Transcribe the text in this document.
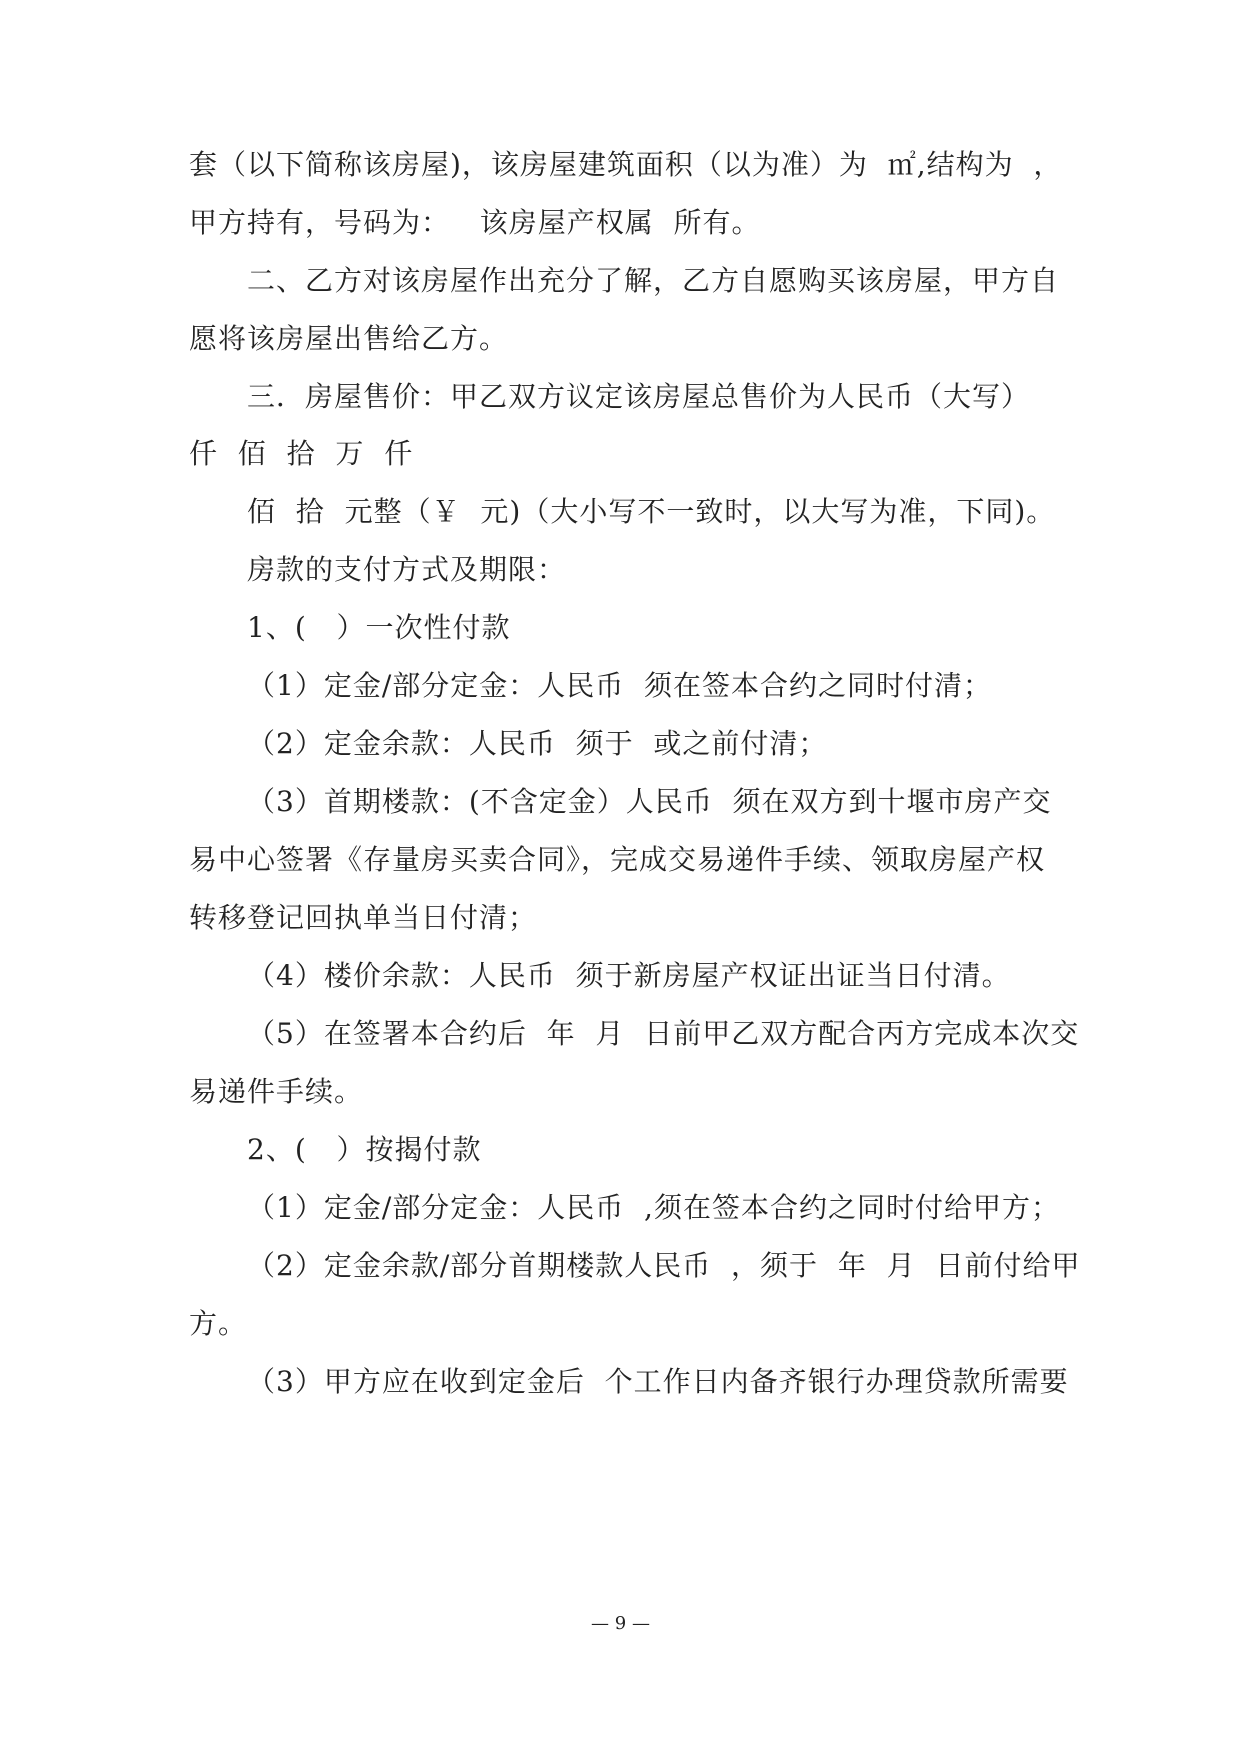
套（以下简称该房屋)，该房屋建筑面积（以为准）为  ㎡,结构为  ，
甲方持有，号码为：   该房屋产权属  所有。
二、乙方对该房屋作出充分了解，乙方自愿购买该房屋，甲方自
愿将该房屋出售给乙方。
三．房屋售价：甲乙双方议定该房屋总售价为人民币（大写）
仟  佰  拾  万  仟
佰  拾  元整（￥  元)（大小写不一致时，以大写为准，下同)。
房款的支付方式及期限：
1、(   ）一次性付款
（1）定金/部分定金：人民币  须在签本合约之同时付清；
（2）定金余款：人民币  须于  或之前付清；
（3）首期楼款：(不含定金）人民币  须在双方到十堰市房产交
易中心签署《存量房买卖合同》，完成交易递件手续、领取房屋产权
转移登记回执单当日付清；
（4）楼价余款：人民币  须于新房屋产权证出证当日付清。
（5）在签署本合约后  年  月  日前甲乙双方配合丙方完成本次交
易递件手续。
2、(   ）按揭付款
（1）定金/部分定金：人民币  ,须在签本合约之同时付给甲方；
（2）定金余款/部分首期楼款人民币  ，须于  年  月  日前付给甲
方。
（3）甲方应在收到定金后  个工作日内备齐银行办理贷款所需要
— 9 —
